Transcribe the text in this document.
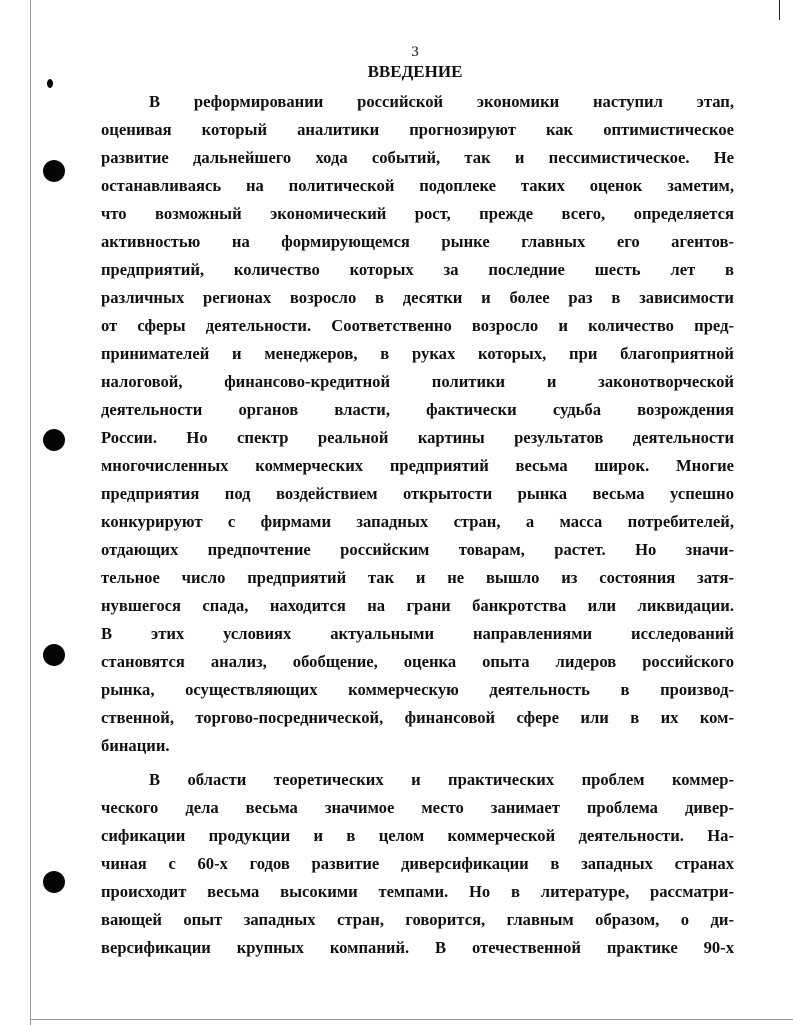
3
ВВЕДЕНИЕ
В реформировании российской экономики наступил этап,
оценивая который аналитики прогнозируют как оптимистическое
развитие дальнейшего хода событий, так и пессимистическое. Не
останавливаясь на политической подоплеке таких оценок заметим,
что возможный экономический рост, прежде всего, определяется
активностью на формирующемся рынке главных его агентов-
предприятий, количество которых за последние шесть лет в
различных регионах возросло в десятки и более раз в зависимости
от сферы деятельности. Соответственно возросло и количество пред-
принимателей и менеджеров, в руках которых, при благоприятной
налоговой, финансово-кредитной политики и законотворческой
деятельности органов власти, фактически судьба возрождения
России. Но спектр реальной картины результатов деятельности
многочисленных коммерческих предприятий весьма широк. Многие
предприятия под воздействием открытости рынка весьма успешно
конкурируют с фирмами западных стран, а масса потребителей,
отдающих предпочтение российским товарам, растет. Но значи-
тельное число предприятий так и не вышло из состояния затя-
нувшегося спада, находится на грани банкротства или ликвидации.
В этих условиях актуальными направлениями исследований
становятся анализ, обобщение, оценка опыта лидеров российского
рынка, осуществляющих коммерческую деятельность в производ-
ственной, торгово-посреднической, финансовой сфере или в их ком-
бинации.
В области теоретических и практических проблем коммер-
ческого дела весьма значимое место занимает проблема дивер-
сификации продукции и в целом коммерческой деятельности. На-
чиная с 60-х годов развитие диверсификации в западных странах
происходит весьма высокими темпами. Но в литературе, рассматри-
вающей опыт западных стран, говорится, главным образом, о ди-
версификации крупных компаний. В отечественной практике 90-х
